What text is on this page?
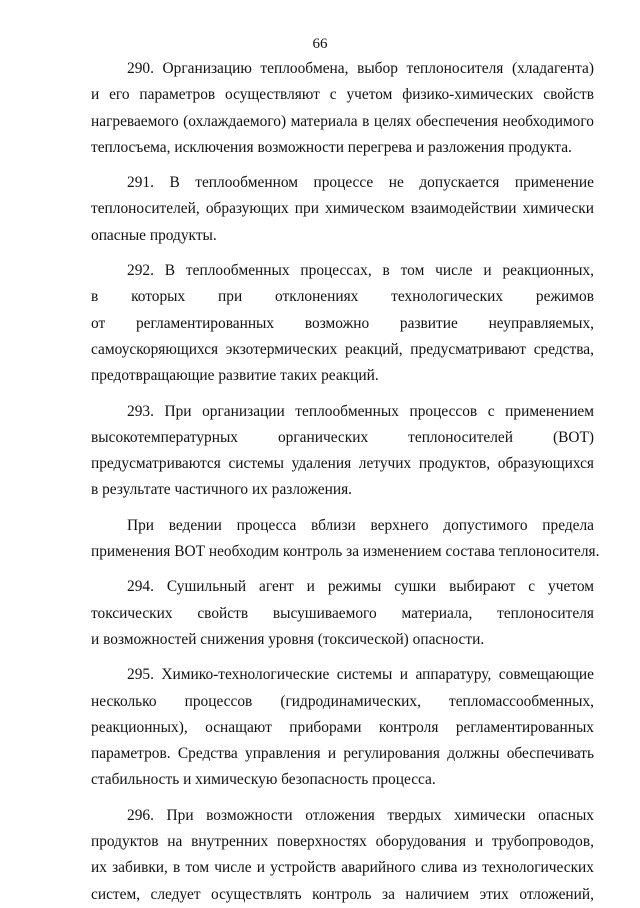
66
290. Организацию теплообмена, выбор теплоносителя (хладагента)
и его параметров осуществляют с учетом физико-химических свойств
нагреваемого (охлаждаемого) материала в целях обеспечения необходимого
теплосъема, исключения возможности перегрева и разложения продукта.
291. В теплообменном процессе не допускается применение
теплоносителей, образующих при химическом взаимодействии химически
опасные продукты.
292. В теплообменных процессах, в том числе и реакционных,
в которых при отклонениях технологических режимов
от регламентированных возможно развитие неуправляемых,
самоускоряющихся экзотермических реакций, предусматривают средства,
предотвращающие развитие таких реакций.
293. При организации теплообменных процессов с применением
высокотемпературных органических теплоносителей (ВОТ)
предусматриваются системы удаления летучих продуктов, образующихся
в результате частичного их разложения.
При ведении процесса вблизи верхнего допустимого предела
применения ВОТ необходим контроль за изменением состава теплоносителя.
294. Сушильный агент и режимы сушки выбирают с учетом
токсических свойств высушиваемого материала, теплоносителя
и возможностей снижения уровня (токсической) опасности.
295. Химико-технологические системы и аппаратуру, совмещающие
несколько процессов (гидродинамических, тепломассообменных,
реакционных), оснащают приборами контроля регламентированных
параметров. Средства управления и регулирования должны обеспечивать
стабильность и химическую безопасность процесса.
296. При возможности отложения твердых химически опасных
продуктов на внутренних поверхностях оборудования и трубопроводов,
их забивки, в том числе и устройств аварийного слива из технологических
систем, следует осуществлять контроль за наличием этих отложений,
